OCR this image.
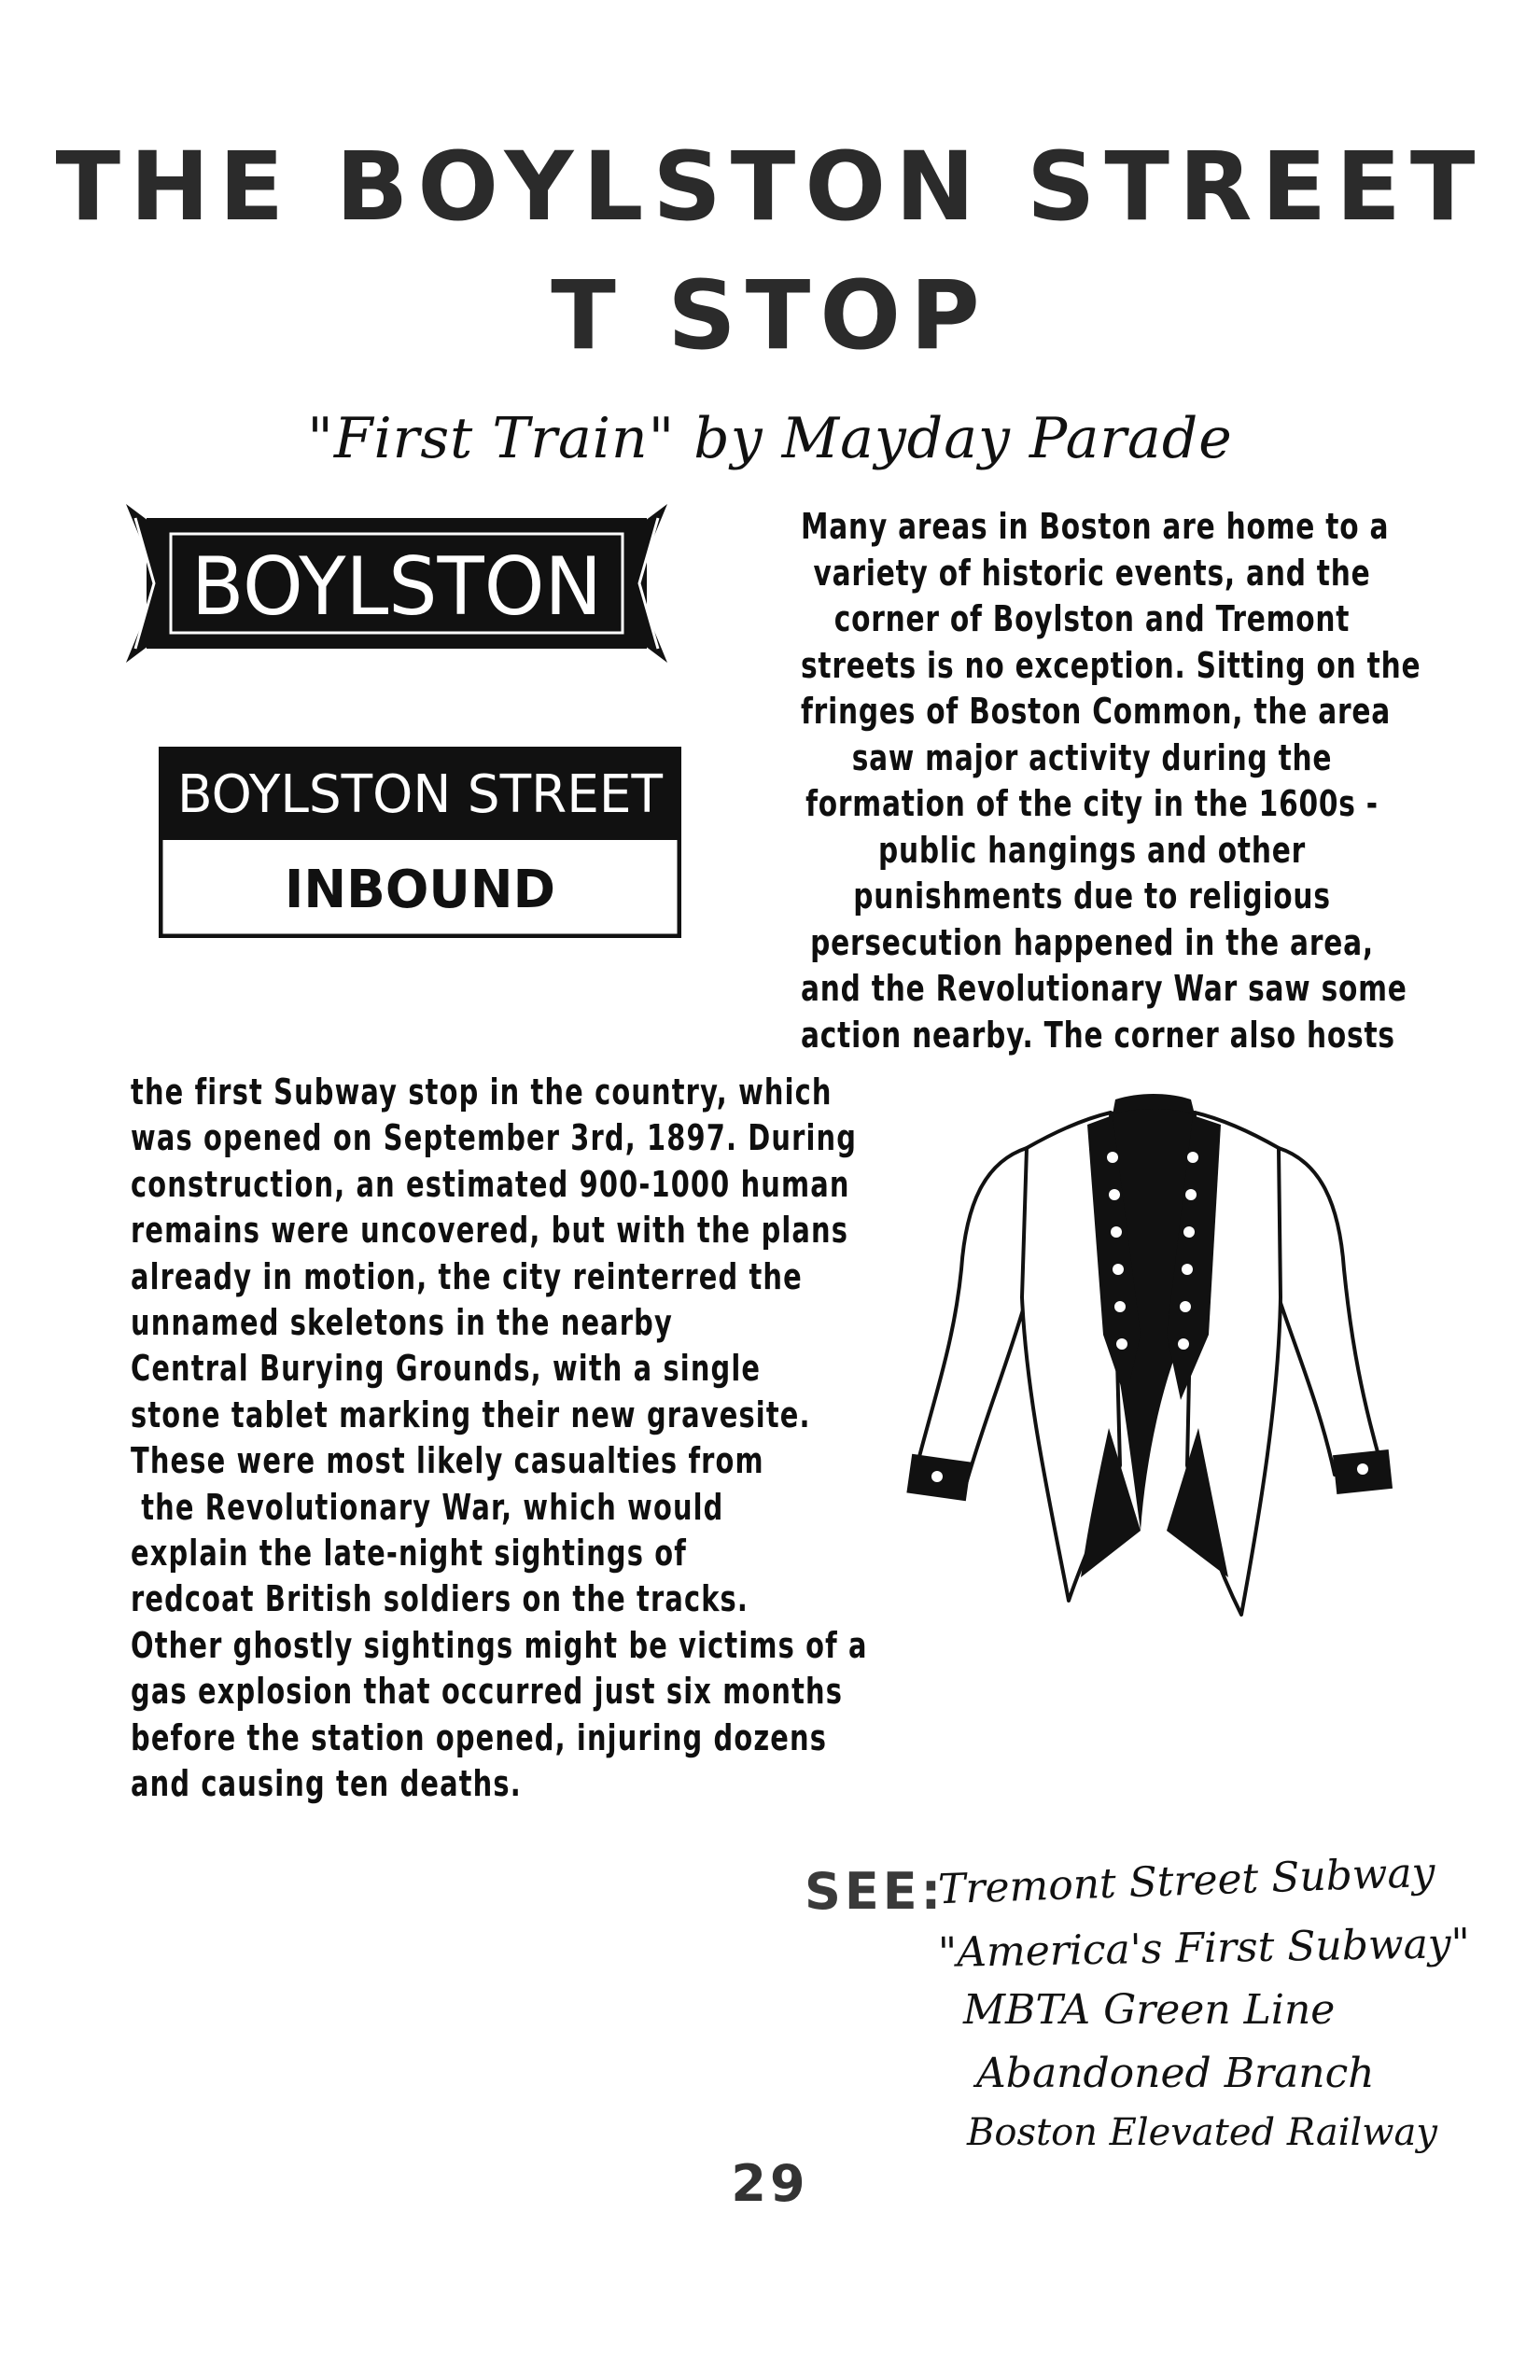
THE BOYLSTON STREET
T STOP
"First Train" by Mayday Parade
BOYLSTON
BOYLSTON STREET
INBOUND
Many areas in Boston are home to a
variety of historic events, and the
corner of Boylston and Tremont
streets is no exception. Sitting on the
fringes of Boston Common, the area
saw major activity during the
formation of the city in the 1600s -
public hangings and other
punishments due to religious
persecution happened in the area,
and the Revolutionary War saw some
action nearby. The corner also hosts
the first Subway stop in the country, which
was opened on September 3rd, 1897. During
construction, an estimated 900-1000 human
remains were uncovered, but with the plans
already in motion, the city reinterred the
unnamed skeletons in the nearby
Central Burying Grounds, with a single
stone tablet marking their new gravesite.
These were most likely casualties from
the Revolutionary War, which would
explain the late-night sightings of
redcoat British soldiers on the tracks.
Other ghostly sightings might be victims of a
gas explosion that occurred just six months
before the station opened, injuring dozens
and causing ten deaths.
SEE:
Tremont Street Subway
"America's First Subway"
MBTA Green Line
Abandoned Branch
Boston Elevated Railway
29
